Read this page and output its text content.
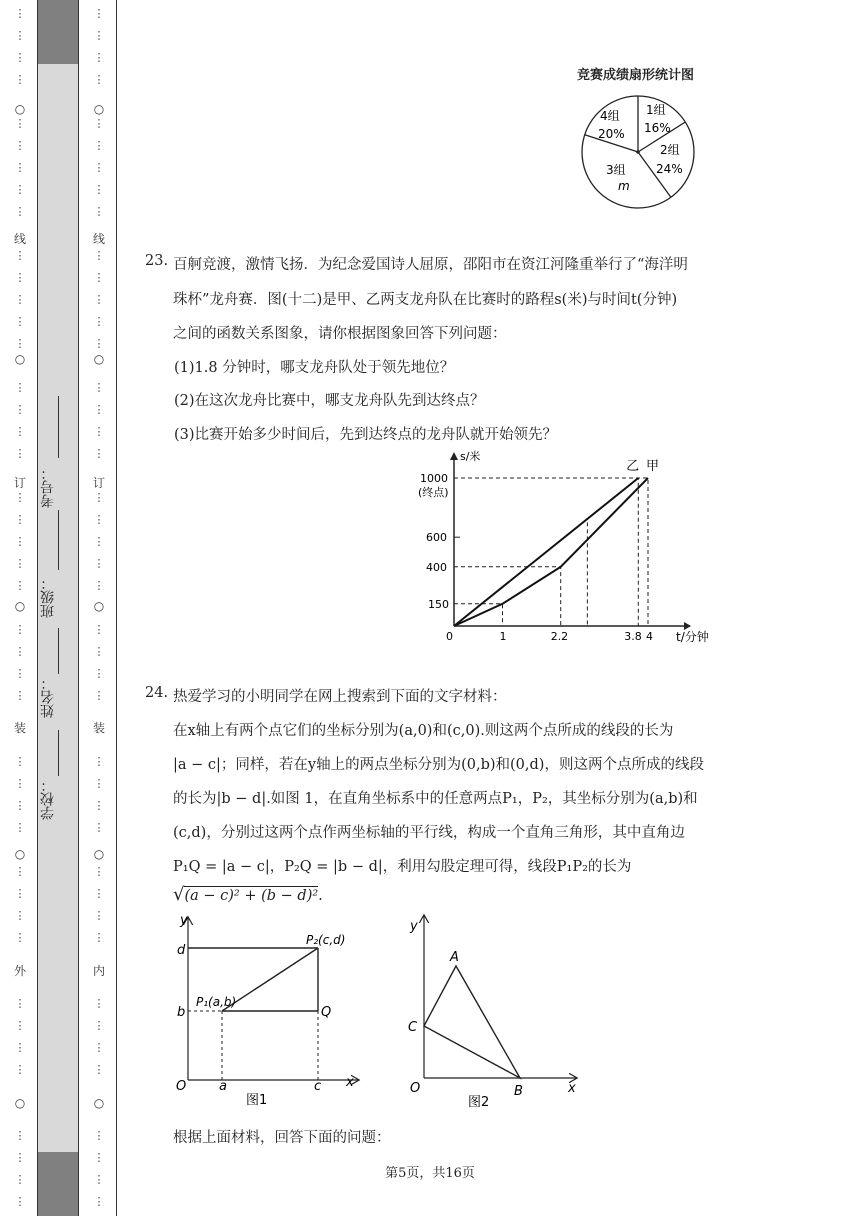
⋮
⋮
⋮
⋮
⋮
⋮
⋮
⋮
⋮
⋮
⋮
⋮
⋮
⋮
⋮
⋮
⋮
⋮
⋮
⋮
⋮
⋮
⋮
⋮
⋮
⋮
⋮
⋮
⋮
⋮
⋮
⋮
⋮
⋮
⋮
⋮
⋮
⋮
⋮
⋮
⋮
⋮
⋮
○
○
○
○
○
线
订
装
外
学校：
姓名：
班级：
考号：
⋮
⋮
⋮
⋮
⋮
⋮
⋮
⋮
⋮
⋮
⋮
⋮
⋮
⋮
⋮
⋮
⋮
⋮
⋮
⋮
⋮
⋮
⋮
⋮
⋮
⋮
⋮
⋮
⋮
⋮
⋮
⋮
⋮
⋮
⋮
⋮
⋮
⋮
⋮
⋮
⋮
⋮
⋮
○
○
○
○
○
线
订
装
内
竞赛成绩扇形统计图
1组
16%
2组
24%
3组
m
4组
20%
23. 百舸竞渡，激情飞扬．为纪念爱国诗人屈原，邵阳市在资江河隆重举行了“海洋明
珠杯”龙舟赛．图(十二)是甲、乙两支龙舟队在比赛时的路程s(米)与时间t(分钟)
之间的函数关系图象，请你根据图象回答下列问题：
(1)1.8 分钟时，哪支龙舟队处于领先地位？
(2)在这次龙舟比赛中，哪支龙舟队先到达终点？
(3)比赛开始多少时间后，先到达终点的龙舟队就开始领先？
s/米
t/分钟
0	1	2.2	3.8 4
150
400
600
1000
(终点)
乙 甲
24. 热爱学习的小明同学在网上搜索到下面的文字材料：
在x轴上有两个点它们的坐标分别为(a,0)和(c,0).则这两个点所成的线段的长为
|a − c|；同样，若在y轴上的两点坐标分别为(0,b)和(0,d)，则这两个点所成的线段
的长为|b − d|.如图 1，在直角坐标系中的任意两点P₁，P₂，其坐标分别为(a,b)和
(c,d)，分别过这两个点作两坐标轴的平行线，构成一个直角三角形，其中直角边
P₁Q = |a − c|，P₂Q = |b − d|，利用勾股定理可得，线段P₁P₂的长为
√(a − c)² + (b − d)².
y
x
O
d
b
a	c
P₁(a,b)
P₂(c,d)
Q
图1
y
x
O
A
B
C
图2
根据上面材料，回答下面的问题：
第5页，共16页
